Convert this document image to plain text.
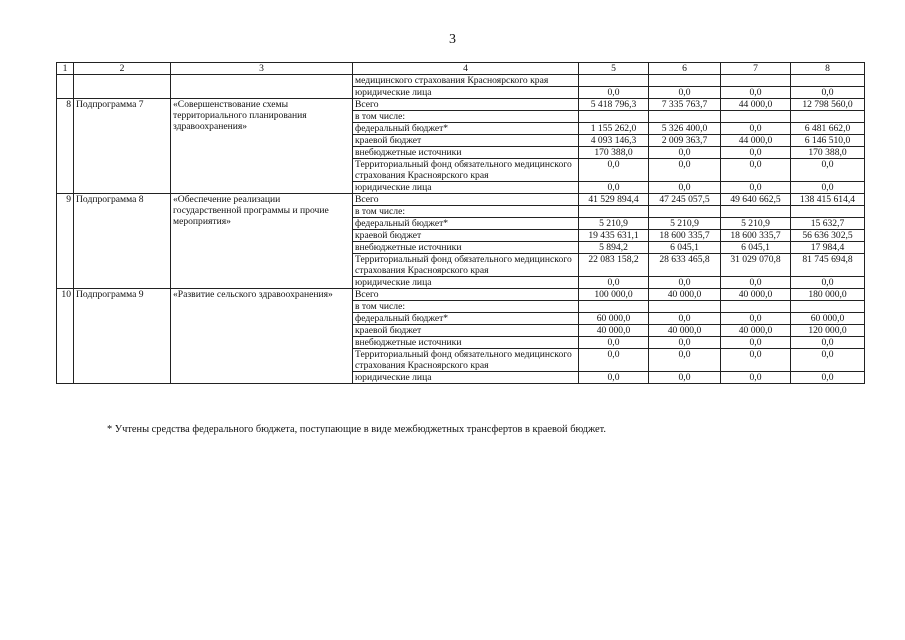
3
1	2	3	4	5	6	7	8
			медицинского страхования Красноярского края				
			юридические лица	0,0	0,0	0,0	0,0
8	Подпрограмма 7	«Совершенствование схемы территориального планирования здравоохранения»	Всего	5 418 796,3	7 335 763,7	44 000,0	12 798 560,0
			в том числе:				
			федеральный бюджет*	1 155 262,0	5 326 400,0	0,0	6 481 662,0
			краевой бюджет	4 093 146,3	2 009 363,7	44 000,0	6 146 510,0
			внебюджетные источники	170 388,0	0,0	0,0	170 388,0
			Территориальный фонд обязательного медицинского страхования Красноярского края	0,0	0,0	0,0	0,0
			юридические лица	0,0	0,0	0,0	0,0
9	Подпрограмма 8	«Обеспечение реализации государственной программы и прочие мероприятия»	Всего	41 529 894,4	47 245 057,5	49 640 662,5	138 415 614,4
			в том числе:				
			федеральный бюджет*	5 210,9	5 210,9	5 210,9	15 632,7
			краевой бюджет	19 435 631,1	18 600 335,7	18 600 335,7	56 636 302,5
			внебюджетные источники	5 894,2	6 045,1	6 045,1	17 984,4
			Территориальный фонд обязательного медицинского страхования Красноярского края	22 083 158,2	28 633 465,8	31 029 070,8	81 745 694,8
			юридические лица	0,0	0,0	0,0	0,0
10	Подпрограмма 9	«Развитие сельского здравоохранения»	Всего	100 000,0	40 000,0	40 000,0	180 000,0
			в том числе:				
			федеральный бюджет*	60 000,0	0,0	0,0	60 000,0
			краевой бюджет	40 000,0	40 000,0	40 000,0	120 000,0
			внебюджетные источники	0,0	0,0	0,0	0,0
			Территориальный фонд обязательного медицинского страхования Красноярского края	0,0	0,0	0,0	0,0
			юридические лица	0,0	0,0	0,0	0,0
* Учтены средства федерального бюджета, поступающие в виде межбюджетных трансфертов в краевой бюджет.
